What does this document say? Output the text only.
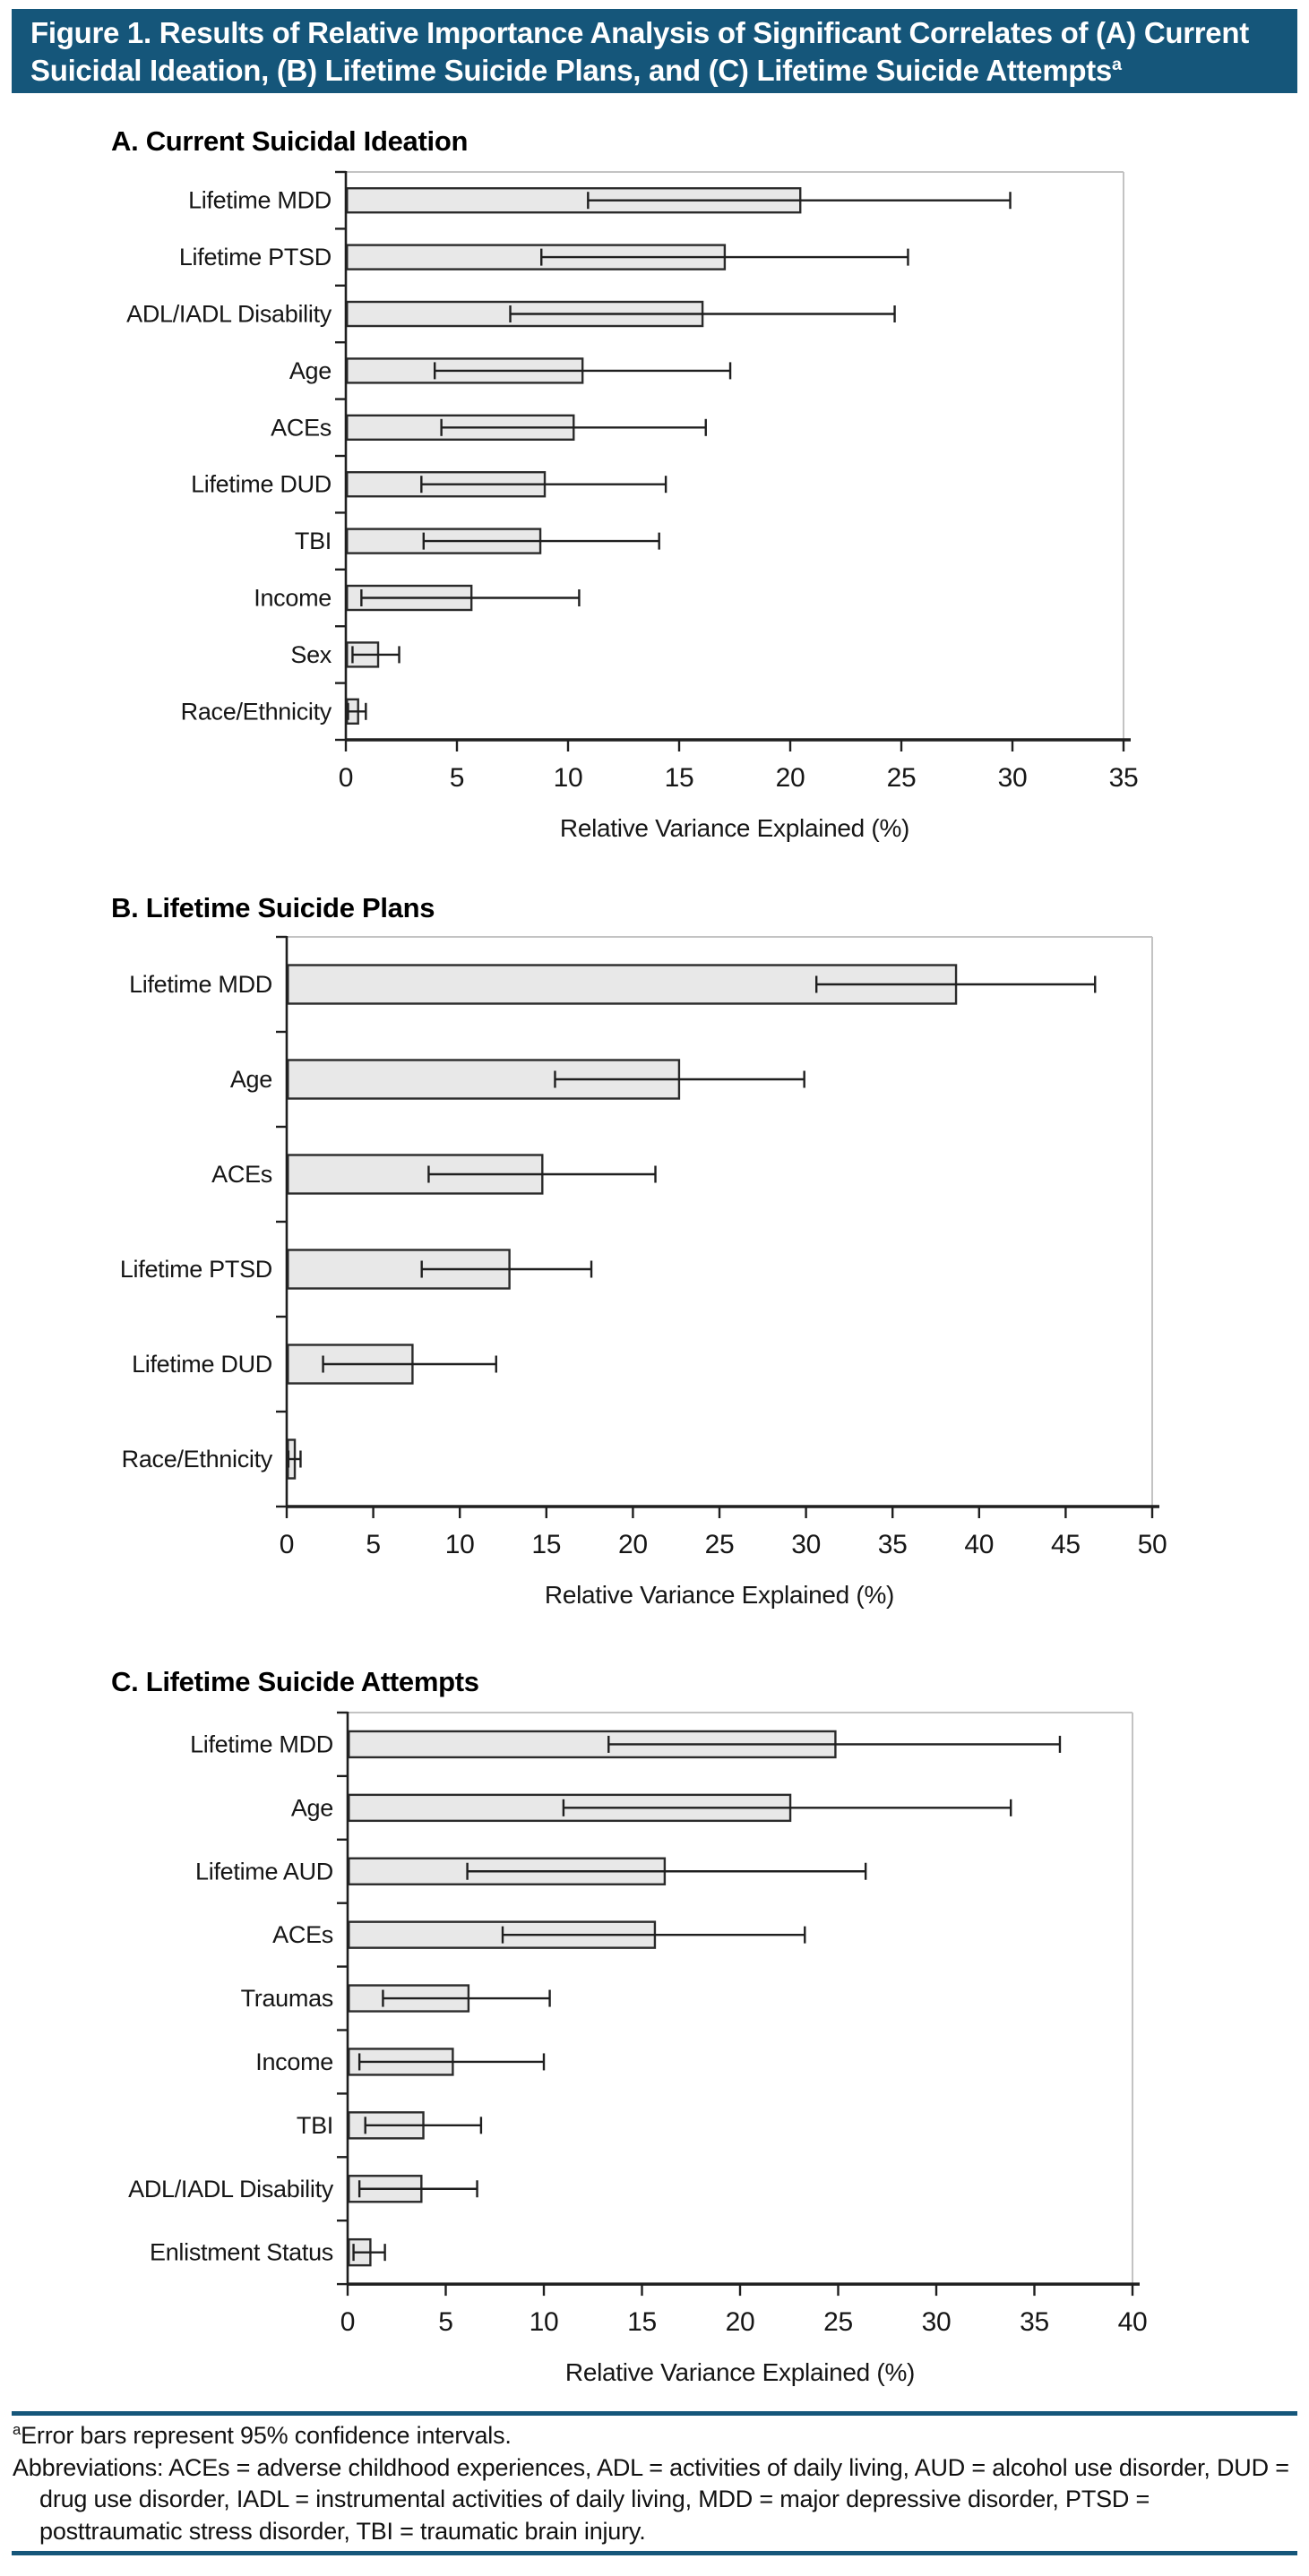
Figure 1. Results of Relative Importance Analysis of Significant Correlates of (A) Current Suicidal Ideation, (B) Lifetime Suicide Plans, and (C) Lifetime Suicide Attempts$^a$
A. Current Suicidal Ideation
Lifetime MDD
Lifetime PTSD
ADL/IADL Disability
Age
ACEs
Lifetime DUD
TBI
Income
Sex
Race/Ethnicity
0	5	10	15	20	25	30	35
Relative Variance Explained (%)
B. Lifetime Suicide Plans
Lifetime MDD
Age
ACEs
Lifetime PTSD
Lifetime DUD
Race/Ethnicity
0	5 10 15 20 25 30 35 40 45 50
Relative Variance Explained (%)
C. Lifetime Suicide Attempts
Lifetime MDD
Age
Lifetime AUD
ACEs
Traumas
Income
TBI
ADL/IADL Disability
Enlistment Status
0	5	10	15	20	25	30	35	40
Relative Variance Explained (%)

$^a$Error bars represent 95% confidence intervals.

Abbreviations: ACEs = adverse childhood experiences, ADL = activities of daily living, AUD = alcohol use disorder, DUD = drug use disorder, IADL = instrumental activities of daily living, MDD = major depressive disorder, PTSD = posttraumatic stress disorder, TBI = traumatic brain injury.
